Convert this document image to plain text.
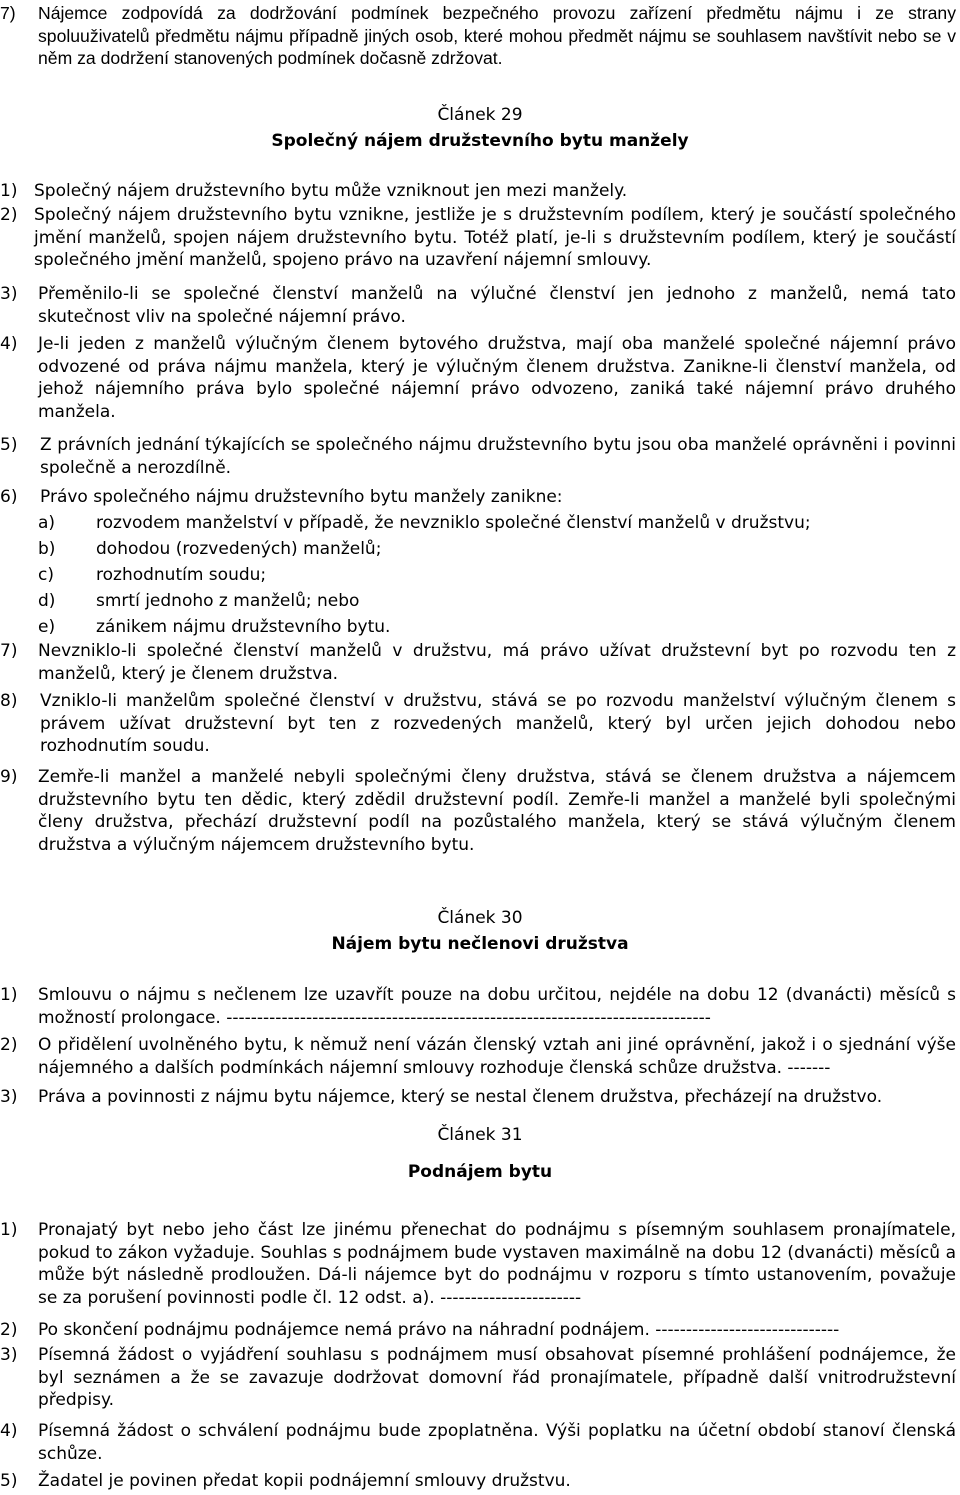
7)	Nájemce zodpovídá za dodržování podmínek bezpečného provozu zařízení předmětu nájmu i ze strany spoluuživatelů předmětu nájmu případně jiných osob, které mohou předmět nájmu se souhlasem navštívit nebo se v něm za dodržení stanovených podmínek dočasně zdržovat.
Článek 29
Společný nájem družstevního bytu manžely
1) Společný nájem družstevního bytu může vzniknout jen mezi manžely.
2) Společný nájem družstevního bytu vznikne, jestliže je s družstevním podílem, který je součástí společného jmění manželů, spojen nájem družstevního bytu. Totéž platí, je-li s družstevním podílem, který je součástí společného jmění manželů, spojeno právo na uzavření nájemní smlouvy.
3)	Přeměnilo-li se společné členství manželů na výlučné členství jen jednoho z manželů, nemá tato skutečnost vliv na společné nájemní právo.
4)	Je-li jeden z manželů výlučným členem bytového družstva, mají oba manželé společné nájemní právo odvozené od práva nájmu manžela, který je výlučným členem družstva. Zanikne-li členství manžela, od jehož nájemního práva bylo společné nájemní právo odvozeno, zaniká také nájemní právo druhého manžela.
5)	Z právních jednání týkajících se společného nájmu družstevního bytu jsou oba manželé oprávněni i povinni společně a nerozdílně.
6)	Právo společného nájmu družstevního bytu manžely zanikne:
a)	rozvodem manželství v případě, že nevzniklo společné členství manželů v družstvu;
b)	dohodou (rozvedených) manželů;
c)	rozhodnutím soudu;
d)	smrtí jednoho z manželů; nebo
e)	zánikem nájmu družstevního bytu.
7)	Nevzniklo-li společné členství manželů v družstvu, má právo užívat družstevní byt po rozvodu ten z manželů, který je členem družstva.
8)	Vzniklo-li manželům společné členství v družstvu, stává se po rozvodu manželství výlučným členem s právem užívat družstevní byt ten z rozvedených manželů, který byl určen jejich dohodou nebo rozhodnutím soudu.
9)	Zemře-li manžel a manželé nebyli společnými členy družstva, stává se členem družstva a nájemcem družstevního bytu ten dědic, který zdědil družstevní podíl. Zemře-li manžel a manželé byli společnými členy družstva, přechází družstevní podíl na pozůstalého manžela, který se stává výlučným členem družstva a výlučným nájemcem družstevního bytu.
Článek 30
Nájem bytu nečlenovi družstva
1)	Smlouvu o nájmu s nečlenem lze uzavřít pouze na dobu určitou, nejdéle na dobu 12 (dvanácti) měsíců s možností prolongace. -------------------------------------------------------------------------------
2)	O přidělení uvolněného bytu, k němuž není vázán členský vztah ani jiné oprávnění, jakož i o sjednání výše nájemného a dalších podmínkách nájemní smlouvy rozhoduje členská schůze družstva. -------
3)	Práva a povinnosti z nájmu bytu nájemce, který se nestal členem družstva, přecházejí na družstvo.
Článek 31
Podnájem bytu
1)	Pronajatý byt nebo jeho část lze jinému přenechat do podnájmu s písemným souhlasem pronajímatele, pokud to zákon vyžaduje. Souhlas s podnájmem bude vystaven maximálně na dobu 12 (dvanácti) měsíců a může být následně prodloužen. Dá-li nájemce byt do podnájmu v rozporu s tímto ustanovením, považuje se za porušení povinnosti podle čl. 12 odst. a). -----------------------
2)	Po skončení podnájmu podnájemce nemá právo na náhradní podnájem. ------------------------------
3)	Písemná žádost o vyjádření souhlasu s podnájmem musí obsahovat písemné prohlášení podnájemce, že byl seznámen a že se zavazuje dodržovat domovní řád pronajímatele, případně další vnitrodružstevní předpisy.
4)	Písemná žádost o schválení podnájmu bude zpoplatněna. Výši poplatku na účetní období stanoví členská schůze.
5)	Žadatel je povinen předat kopii podnájemní smlouvy družstvu.
